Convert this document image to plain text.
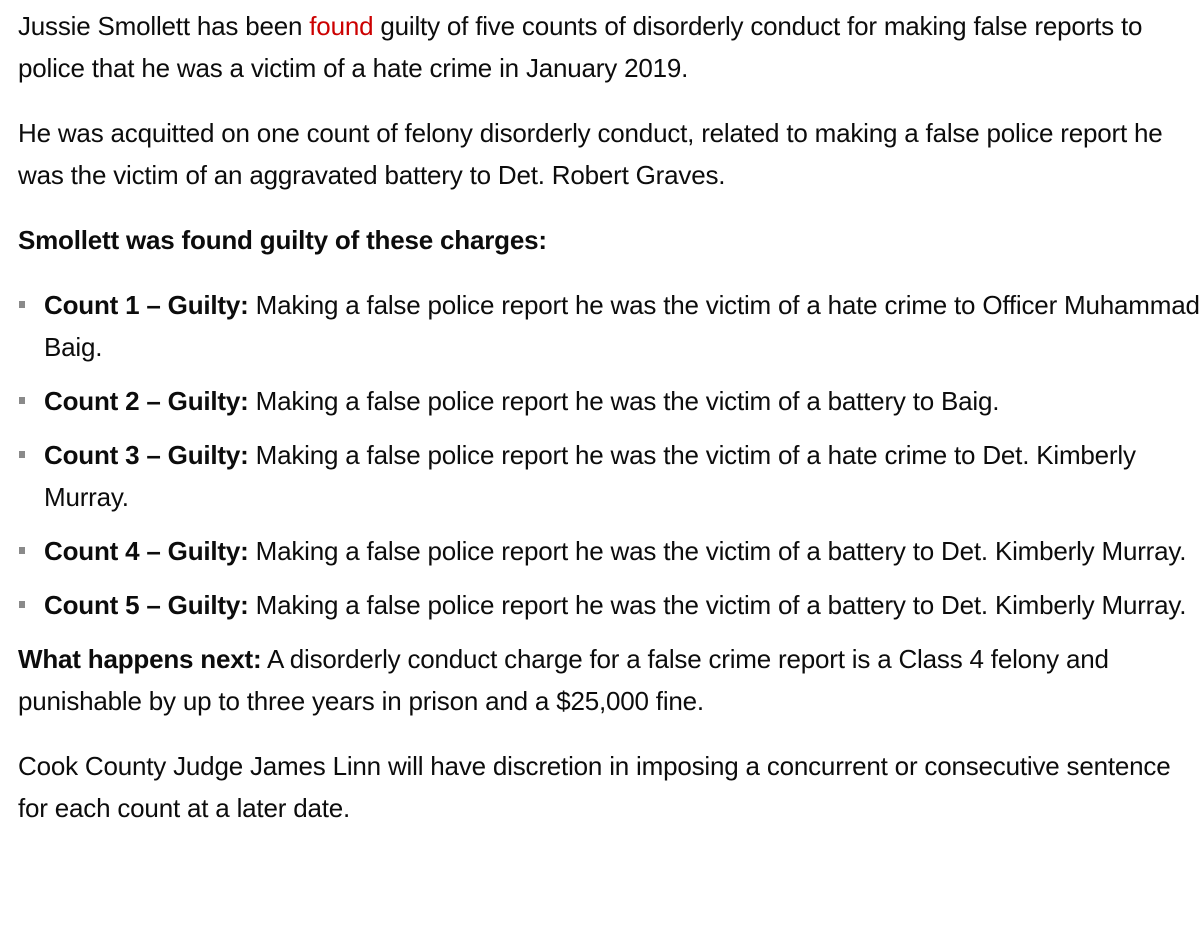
Jussie Smollett has been found guilty of five counts of disorderly conduct for making false reports to police that he was a victim of a hate crime in January 2019.

He was acquitted on one count of felony disorderly conduct, related to making a false police report he was the victim of an aggravated battery to Det. Robert Graves.

Smollett was found guilty of these charges:

Count 1 – Guilty: Making a false police report he was the victim of a hate crime to Officer Muhammad Baig.
Count 2 – Guilty: Making a false police report he was the victim of a battery to Baig.
Count 3 – Guilty: Making a false police report he was the victim of a hate crime to Det. Kimberly Murray.
Count 4 – Guilty: Making a false police report he was the victim of a battery to Det. Kimberly Murray.
Count 5 – Guilty: Making a false police report he was the victim of a battery to Det. Kimberly Murray.

What happens next: A disorderly conduct charge for a false crime report is a Class 4 felony and punishable by up to three years in prison and a $25,000 fine.

Cook County Judge James Linn will have discretion in imposing a concurrent or consecutive sentence for each count at a later date.
